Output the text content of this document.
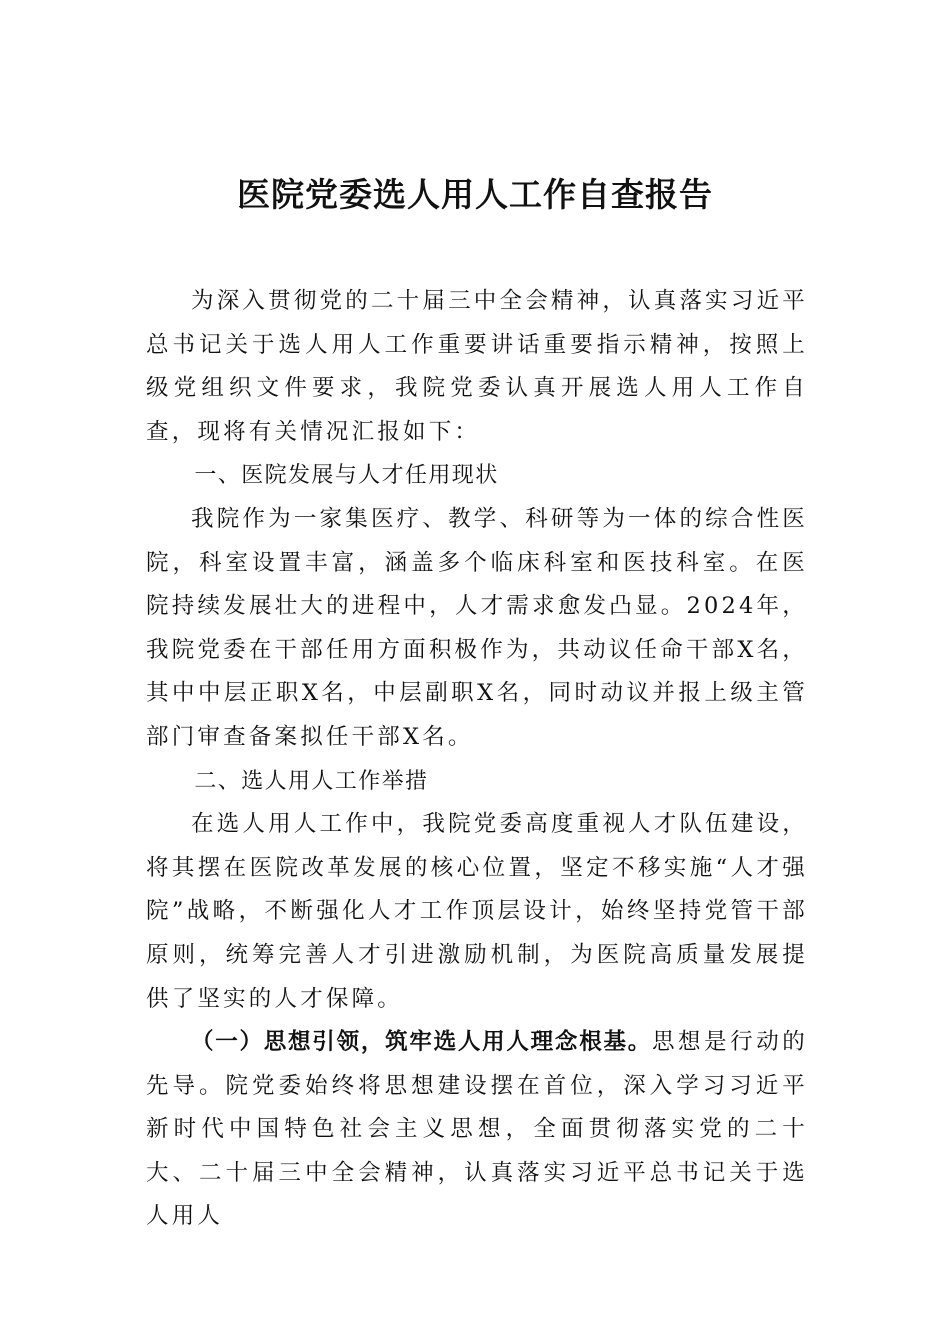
医院党委选人用人工作自查报告

为深入贯彻党的二十届三中全会精神，认真落实习近平总书记关于选人用人工作重要讲话重要指示精神，按照上级党组织文件要求，我院党委认真开展选人用人工作自查，现将有关情况汇报如下：

一、医院发展与人才任用现状

我院作为一家集医疗、教学、科研等为一体的综合性医院，科室设置丰富，涵盖多个临床科室和医技科室。在医院持续发展壮大的进程中，人才需求愈发凸显。2024年，我院党委在干部任用方面积极作为，共动议任命干部X名，其中中层正职X名，中层副职X名，同时动议并报上级主管部门审查备案拟任干部X名。

二、选人用人工作举措

在选人用人工作中，我院党委高度重视人才队伍建设，将其摆在医院改革发展的核心位置，坚定不移实施“人才强院”战略，不断强化人才工作顶层设计，始终坚持党管干部原则，统筹完善人才引进激励机制，为医院高质量发展提供了坚实的人才保障。

（一）思想引领，筑牢选人用人理念根基。思想是行动的先导。院党委始终将思想建设摆在首位，深入学习习近平新时代中国特色社会主义思想，全面贯彻落实党的二十大、二十届三中全会精神，认真落实习近平总书记关于选人用人
